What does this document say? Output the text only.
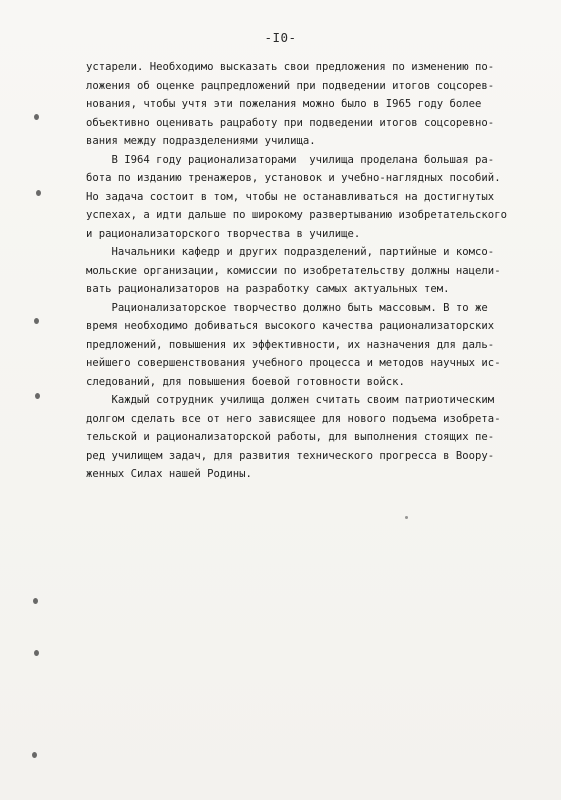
-I0-
устарели. Необходимо высказать свои предложения по изменению по-
ложения об оценке рацпредложений при подведении итогов соцсорев-
нования, чтобы учтя эти пожелания можно было в I965 году более
объективно оценивать рацработу при подведении итогов соцсоревно-
вания между подразделениями училища.
В I964 году рационализаторами  училища проделана большая ра-
бота по изданию тренажеров, установок и учебно-наглядных пособий.
Но задача состоит в том, чтобы не останавливаться на достигнутых
успехах, а идти дальше по широкому развертыванию изобретательского
и рационализаторского творчества в училище.
Начальники кафедр и других подразделений, партийные и комсо-
мольские организации, комиссии по изобретательству должны нацели-
вать рационализаторов на разработку самых актуальных тем.
Рационализаторское творчество должно быть массовым. В то же
время необходимо добиваться высокого качества рационализаторских
предложений, повышения их эффективности, их назначения для даль-
нейшего совершенствования учебного процесса и методов научных ис-
следований, для повышения боевой готовности войск.
Каждый сотрудник училища должен считать своим патриотическим
долгом сделать все от него зависящее для нового подъема изобрета-
тельской и рационализаторской работы, для выполнения стоящих пе-
ред училищем задач, для развития технического прогресса в Воору-
женных Силах нашей Родины.
